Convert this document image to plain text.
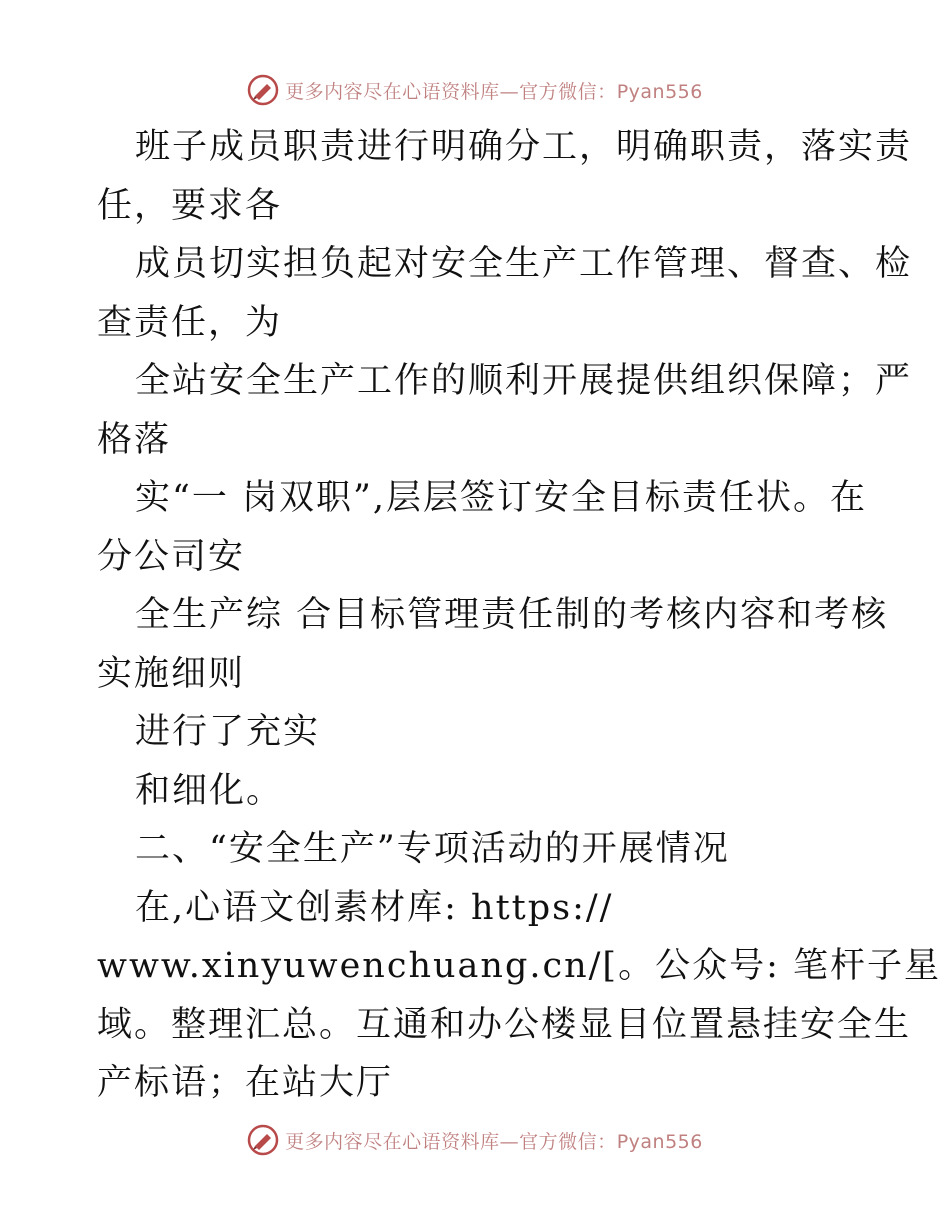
更多内容尽在心语资料库—官方微信：Pyan556
班子成员职责进行明确分工，明确职责，落实责
任，要求各
成员切实担负起对安全生产工作管理、督查、检
查责任，为
全站安全生产工作的顺利开展提供组织保障；严
格落
实“一 岗双职”,层层签订安全目标责任状。在
分公司安
全生产综 合目标管理责任制的考核内容和考核
实施细则
进行了充实
和细化。
二、“安全生产”专项活动的开展情况
在,心语文创素材库: https://
www.xinyuwenchuang.cn/[。公众号: 笔杆子星
域。整理汇总。互通和办公楼显目位置悬挂安全生
产标语；在站大厅
更多内容尽在心语资料库—官方微信：Pyan556
